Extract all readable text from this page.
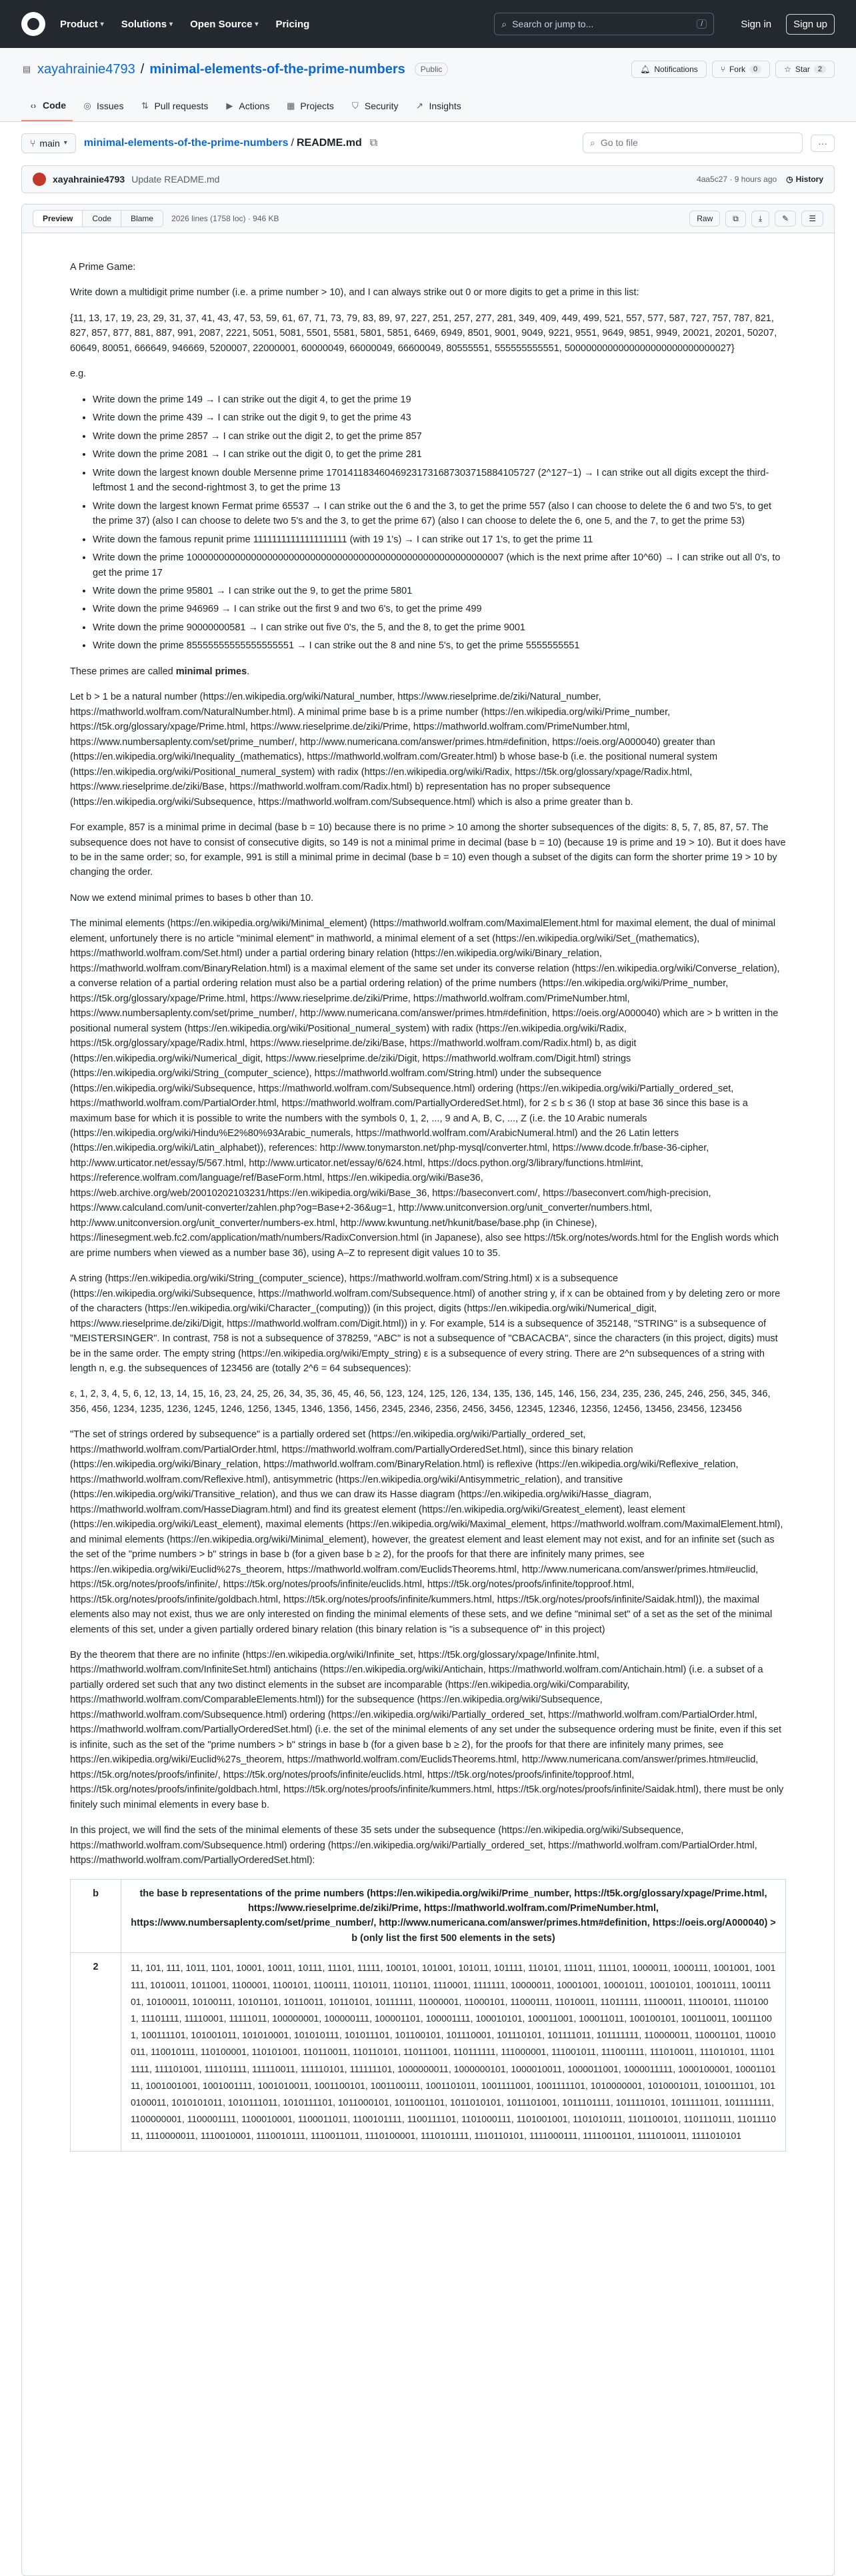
Product ▾ Solutions ▾ Open Source ▾ Pricing	⌕ Search or jump to...	/	Sign in	Sign up
▤ xayahrainie4793 / minimal-elements-of-the-prime-numbers	Public	🔔︎ Notifications	⑂ Fork	0	☆ Star	2
‹› Code ◎ Issues ⇅ Pull requests ▶ Actions ▦ Projects ⛉ Security ↗ Insights
⑂ main ▾ minimal-elements-of-the-prime-numbers / README.md ⧉	⌕ Go to file	···
xayahrainie4793 Update README.md	4aa5c27 · 9 hours ago ◷ History
Preview	Code	Blame	2026 lines (1758 loc) · 946 KB	Raw	⧉	⤓	✎	☰

A Prime Game:

Write down a multidigit prime number (i.e. a prime number > 10), and I can always strike out 0 or more digits to get a prime in this list:

{11, 13, 17, 19, 23, 29, 31, 37, 41, 43, 47, 53, 59, 61, 67, 71, 73, 79, 83, 89, 97, 227, 251, 257, 277, 281, 349, 409, 449, 499, 521, 557, 577, 587, 727, 757, 787, 821, 827, 857, 877, 881, 887, 991, 2087, 2221, 5051, 5081, 5501, 5581, 5801, 5851, 6469, 6949, 8501, 9001, 9049, 9221, 9551, 9649, 9851, 9949, 20021, 20201, 50207, 60649, 80051, 666649, 946669, 5200007, 22000001, 60000049, 66000049, 66600049, 80555551, 555555555551, 5000000000000000000000000000027}

e.g.

• Write down the prime 149 → I can strike out the digit 4, to get the prime 19
• Write down the prime 439 → I can strike out the digit 9, to get the prime 43
• Write down the prime 2857 → I can strike out the digit 2, to get the prime 857
• Write down the prime 2081 → I can strike out the digit 0, to get the prime 281
• Write down the largest known double Mersenne prime 170141183460469231731687303715884105727 (2^127−1) → I can strike out all digits except the third-leftmost 1 and the second-rightmost 3, to get the prime 13
• Write down the largest known Fermat prime 65537 → I can strike out the 6 and the 3, to get the prime 557 (also I can choose to delete the 6 and two 5's, to get the prime 37) (also I can choose to delete two 5's and the 3, to get the prime 67) (also I can choose to delete the 6, one 5, and the 7, to get the prime 53)
• Write down the famous repunit prime 11111111111111111111 (with 19 1's) → I can strike out 17 1's, to get the prime 11
• Write down the prime 10000000000000000000000000000000000000000000000000000000007 (which is the next prime after 10^60) → I can strike out all 0's, to get the prime 17
• Write down the prime 95801 → I can strike out the 9, to get the prime 5801
• Write down the prime 946969 → I can strike out the first 9 and two 6's, to get the prime 499
• Write down the prime 90000000581 → I can strike out five 0's, the 5, and the 8, to get the prime 9001
• Write down the prime 85555555555555555551 → I can strike out the 8 and nine 5's, to get the prime 5555555551

These primes are called minimal primes.

Let b > 1 be a natural number (https://en.wikipedia.org/wiki/Natural_number, https://www.rieselprime.de/ziki/Natural_number, https://mathworld.wolfram.com/NaturalNumber.html). A minimal prime base b is a prime number (https://en.wikipedia.org/wiki/Prime_number, https://t5k.org/glossary/xpage/Prime.html, https://www.rieselprime.de/ziki/Prime, https://mathworld.wolfram.com/PrimeNumber.html, https://www.numbersaplenty.com/set/prime_number/, http://www.numericana.com/answer/primes.htm#definition, https://oeis.org/A000040) greater than (https://en.wikipedia.org/wiki/Inequality_(mathematics), https://mathworld.wolfram.com/Greater.html) b whose base-b (i.e. the positional numeral system (https://en.wikipedia.org/wiki/Positional_numeral_system) with radix (https://en.wikipedia.org/wiki/Radix, https://t5k.org/glossary/xpage/Radix.html, https://www.rieselprime.de/ziki/Base, https://mathworld.wolfram.com/Radix.html) b) representation has no proper subsequence (https://en.wikipedia.org/wiki/Subsequence, https://mathworld.wolfram.com/Subsequence.html) which is also a prime greater than b.

For example, 857 is a minimal prime in decimal (base b = 10) because there is no prime > 10 among the shorter subsequences of the digits: 8, 5, 7, 85, 87, 57. The subsequence does not have to consist of consecutive digits, so 149 is not a minimal prime in decimal (base b = 10) (because 19 is prime and 19 > 10). But it does have to be in the same order; so, for example, 991 is still a minimal prime in decimal (base b = 10) even though a subset of the digits can form the shorter prime 19 > 10 by changing the order.

Now we extend minimal primes to bases b other than 10.

The minimal elements (https://en.wikipedia.org/wiki/Minimal_element) (https://mathworld.wolfram.com/MaximalElement.html for maximal element, the dual of minimal element, unfortunely there is no article "minimal element" in mathworld, a minimal element of a set (https://en.wikipedia.org/wiki/Set_(mathematics), https://mathworld.wolfram.com/Set.html) under a partial ordering binary relation (https://en.wikipedia.org/wiki/Binary_relation, https://mathworld.wolfram.com/BinaryRelation.html) is a maximal element of the same set under its converse relation (https://en.wikipedia.org/wiki/Converse_relation), a converse relation of a partial ordering relation must also be a partial ordering relation) of the prime numbers (https://en.wikipedia.org/wiki/Prime_number, https://t5k.org/glossary/xpage/Prime.html, https://www.rieselprime.de/ziki/Prime, https://mathworld.wolfram.com/PrimeNumber.html, https://www.numbersaplenty.com/set/prime_number/, http://www.numericana.com/answer/primes.htm#definition, https://oeis.org/A000040) which are > b written in the positional numeral system (https://en.wikipedia.org/wiki/Positional_numeral_system) with radix (https://en.wikipedia.org/wiki/Radix, https://t5k.org/glossary/xpage/Radix.html, https://www.rieselprime.de/ziki/Base, https://mathworld.wolfram.com/Radix.html) b, as digit (https://en.wikipedia.org/wiki/Numerical_digit, https://www.rieselprime.de/ziki/Digit, https://mathworld.wolfram.com/Digit.html) strings (https://en.wikipedia.org/wiki/String_(computer_science), https://mathworld.wolfram.com/String.html) under the subsequence (https://en.wikipedia.org/wiki/Subsequence, https://mathworld.wolfram.com/Subsequence.html) ordering (https://en.wikipedia.org/wiki/Partially_ordered_set, https://mathworld.wolfram.com/PartialOrder.html, https://mathworld.wolfram.com/PartiallyOrderedSet.html), for 2 ≤ b ≤ 36 (I stop at base 36 since this base is a maximum base for which it is possible to write the numbers with the symbols 0, 1, 2, ..., 9 and A, B, C, ..., Z (i.e. the 10 Arabic numerals (https://en.wikipedia.org/wiki/Hindu%E2%80%93Arabic_numerals, https://mathworld.wolfram.com/ArabicNumeral.html) and the 26 Latin letters (https://en.wikipedia.org/wiki/Latin_alphabet)), references: http://www.tonymarston.net/php-mysql/converter.html, https://www.dcode.fr/base-36-cipher, http://www.urticator.net/essay/5/567.html, http://www.urticator.net/essay/6/624.html, https://docs.python.org/3/library/functions.html#int, https://reference.wolfram.com/language/ref/BaseForm.html, https://en.wikipedia.org/wiki/Base36, https://web.archive.org/web/20010202103231/https://en.wikipedia.org/wiki/Base_36, https://baseconvert.com/, https://baseconvert.com/high-precision, https://www.calculand.com/unit-converter/zahlen.php?og=Base+2-36&ug=1, http://www.unitconversion.org/unit_converter/numbers.html, http://www.unitconversion.org/unit_converter/numbers-ex.html, http://www.kwuntung.net/hkunit/base/base.php (in Chinese), https://linesegment.web.fc2.com/application/math/numbers/RadixConversion.html (in Japanese), also see https://t5k.org/notes/words.html for the English words which are prime numbers when viewed as a number base 36), using A–Z to represent digit values 10 to 35.

A string (https://en.wikipedia.org/wiki/String_(computer_science), https://mathworld.wolfram.com/String.html) x is a subsequence (https://en.wikipedia.org/wiki/Subsequence, https://mathworld.wolfram.com/Subsequence.html) of another string y, if x can be obtained from y by deleting zero or more of the characters (https://en.wikipedia.org/wiki/Character_(computing)) (in this project, digits (https://en.wikipedia.org/wiki/Numerical_digit, https://www.rieselprime.de/ziki/Digit, https://mathworld.wolfram.com/Digit.html)) in y. For example, 514 is a subsequence of 352148, "STRING" is a subsequence of "MEISTERSINGER". In contrast, 758 is not a subsequence of 378259, "ABC" is not a subsequence of "CBACACBA", since the characters (in this project, digits) must be in the same order. The empty string (https://en.wikipedia.org/wiki/Empty_string) ε is a subsequence of every string. There are 2^n subsequences of a string with length n, e.g. the subsequences of 123456 are (totally 2^6 = 64 subsequences):

ε, 1, 2, 3, 4, 5, 6, 12, 13, 14, 15, 16, 23, 24, 25, 26, 34, 35, 36, 45, 46, 56, 123, 124, 125, 126, 134, 135, 136, 145, 146, 156, 234, 235, 236, 245, 246, 256, 345, 346, 356, 456, 1234, 1235, 1236, 1245, 1246, 1256, 1345, 1346, 1356, 1456, 2345, 2346, 2356, 2456, 3456, 12345, 12346, 12356, 12456, 13456, 23456, 123456

"The set of strings ordered by subsequence" is a partially ordered set (https://en.wikipedia.org/wiki/Partially_ordered_set, https://mathworld.wolfram.com/PartialOrder.html, https://mathworld.wolfram.com/PartiallyOrderedSet.html), since this binary relation (https://en.wikipedia.org/wiki/Binary_relation, https://mathworld.wolfram.com/BinaryRelation.html) is reflexive (https://en.wikipedia.org/wiki/Reflexive_relation, https://mathworld.wolfram.com/Reflexive.html), antisymmetric (https://en.wikipedia.org/wiki/Antisymmetric_relation), and transitive (https://en.wikipedia.org/wiki/Transitive_relation), and thus we can draw its Hasse diagram (https://en.wikipedia.org/wiki/Hasse_diagram, https://mathworld.wolfram.com/HasseDiagram.html) and find its greatest element (https://en.wikipedia.org/wiki/Greatest_element), least element (https://en.wikipedia.org/wiki/Least_element), maximal elements (https://en.wikipedia.org/wiki/Maximal_element, https://mathworld.wolfram.com/MaximalElement.html), and minimal elements (https://en.wikipedia.org/wiki/Minimal_element), however, the greatest element and least element may not exist, and for an infinite set (such as the set of the "prime numbers > b" strings in base b (for a given base b ≥ 2), for the proofs for that there are infinitely many primes, see https://en.wikipedia.org/wiki/Euclid%27s_theorem, https://mathworld.wolfram.com/EuclidsTheorems.html, http://www.numericana.com/answer/primes.htm#euclid, https://t5k.org/notes/proofs/infinite/, https://t5k.org/notes/proofs/infinite/euclids.html, https://t5k.org/notes/proofs/infinite/topproof.html, https://t5k.org/notes/proofs/infinite/goldbach.html, https://t5k.org/notes/proofs/infinite/kummers.html, https://t5k.org/notes/proofs/infinite/Saidak.html)), the maximal elements also may not exist, thus we are only interested on finding the minimal elements of these sets, and we define "minimal set" of a set as the set of the minimal elements of this set, under a given partially ordered binary relation (this binary relation is "is a subsequence of" in this project)

By the theorem that there are no infinite (https://en.wikipedia.org/wiki/Infinite_set, https://t5k.org/glossary/xpage/Infinite.html, https://mathworld.wolfram.com/InfiniteSet.html) antichains (https://en.wikipedia.org/wiki/Antichain, https://mathworld.wolfram.com/Antichain.html) (i.e. a subset of a partially ordered set such that any two distinct elements in the subset are incomparable (https://en.wikipedia.org/wiki/Comparability, https://mathworld.wolfram.com/ComparableElements.html)) for the subsequence (https://en.wikipedia.org/wiki/Subsequence, https://mathworld.wolfram.com/Subsequence.html) ordering (https://en.wikipedia.org/wiki/Partially_ordered_set, https://mathworld.wolfram.com/PartialOrder.html, https://mathworld.wolfram.com/PartiallyOrderedSet.html) (i.e. the set of the minimal elements of any set under the subsequence ordering must be finite, even if this set is infinite, such as the set of the "prime numbers > b" strings in base b (for a given base b ≥ 2), for the proofs for that there are infinitely many primes, see https://en.wikipedia.org/wiki/Euclid%27s_theorem, https://mathworld.wolfram.com/EuclidsTheorems.html, http://www.numericana.com/answer/primes.htm#euclid, https://t5k.org/notes/proofs/infinite/, https://t5k.org/notes/proofs/infinite/euclids.html, https://t5k.org/notes/proofs/infinite/topproof.html, https://t5k.org/notes/proofs/infinite/goldbach.html, https://t5k.org/notes/proofs/infinite/kummers.html, https://t5k.org/notes/proofs/infinite/Saidak.html), there must be only finitely such minimal elements in every base b.

In this project, we will find the sets of the minimal elements of these 35 sets under the subsequence (https://en.wikipedia.org/wiki/Subsequence, https://mathworld.wolfram.com/Subsequence.html) ordering (https://en.wikipedia.org/wiki/Partially_ordered_set, https://mathworld.wolfram.com/PartialOrder.html, https://mathworld.wolfram.com/PartiallyOrderedSet.html):

b	the base b representations of the prime numbers (https://en.wikipedia.org/wiki/Prime_number, https://t5k.org/glossary/xpage/Prime.html, https://www.rieselprime.de/ziki/Prime, https://mathworld.wolfram.com/PrimeNumber.html, https://www.numbersaplenty.com/set/prime_number/, http://www.numericana.com/answer/primes.htm#definition, https://oeis.org/A000040) > b (only list the first 500 elements in the sets)
2	11, 101, 111, 1011, 1101, 10001, 10011, 10111, 11101, 11111, 100101, 101001, 101011, 101111, 110101, 111011, 111101, 1000011, 1000111, 1001001, 1001111, 1010011, 1011001, 1100001, 1100101, 1100111, 1101011, 1101101, 1110001, 1111111, 10000011, 10001001, 10001011, 10010101, 10010111, 10011101, 10100011, 10100111, 10101101, 10110011, 10110101, 10111111, 11000001, 11000101, 11000111, 11010011, 11011111, 11100011, 11100101, 11101001, 11101111, 11110001, 11111011, 100000001, 100000111, 100001101, 100001111, 100010101, 100011001, 100011011, 100100101, 100110011, 100111001, 100111101, 101001011, 101010001, 101010111, 101011101, 101100101, 101110001, 101110101, 101111011, 101111111, 110000011, 110001101, 110010011, 110010111, 110100001, 110101001, 110110011, 110110101, 110111001, 110111111, 111000001, 111001011, 111001111, 111010011, 111010101, 111011111, 111101001, 111101111, 111110011, 111110101, 111111101, 1000000011, 1000000101, 1000010011, 1000011001, 1000011111, 1000100001, 1000110111, 1001001001, 1001001111, 1001010011, 1001100101, 1001100111, 1001101011, 1001111001, 1001111101, 1010000001, 1010001011, 1010011101, 1010100011, 1010101011, 1010111011, 1010111101, 1011000101, 1011001101, 1011010101, 1011101001, 1011101111, 1011110101, 1011111011, 1011111111, 1100000001, 1100001111, 1100010001, 1100011011, 1100101111, 1100111101, 1101000111, 1101001001, 1101010111, 1101100101, 1101110111, 1101111011, 1110000011, 1110010001, 1110010111, 1110011011, 1110100001, 1110101111, 1110110101, 1111000111, 1111001101, 1111010011, 1111010101
